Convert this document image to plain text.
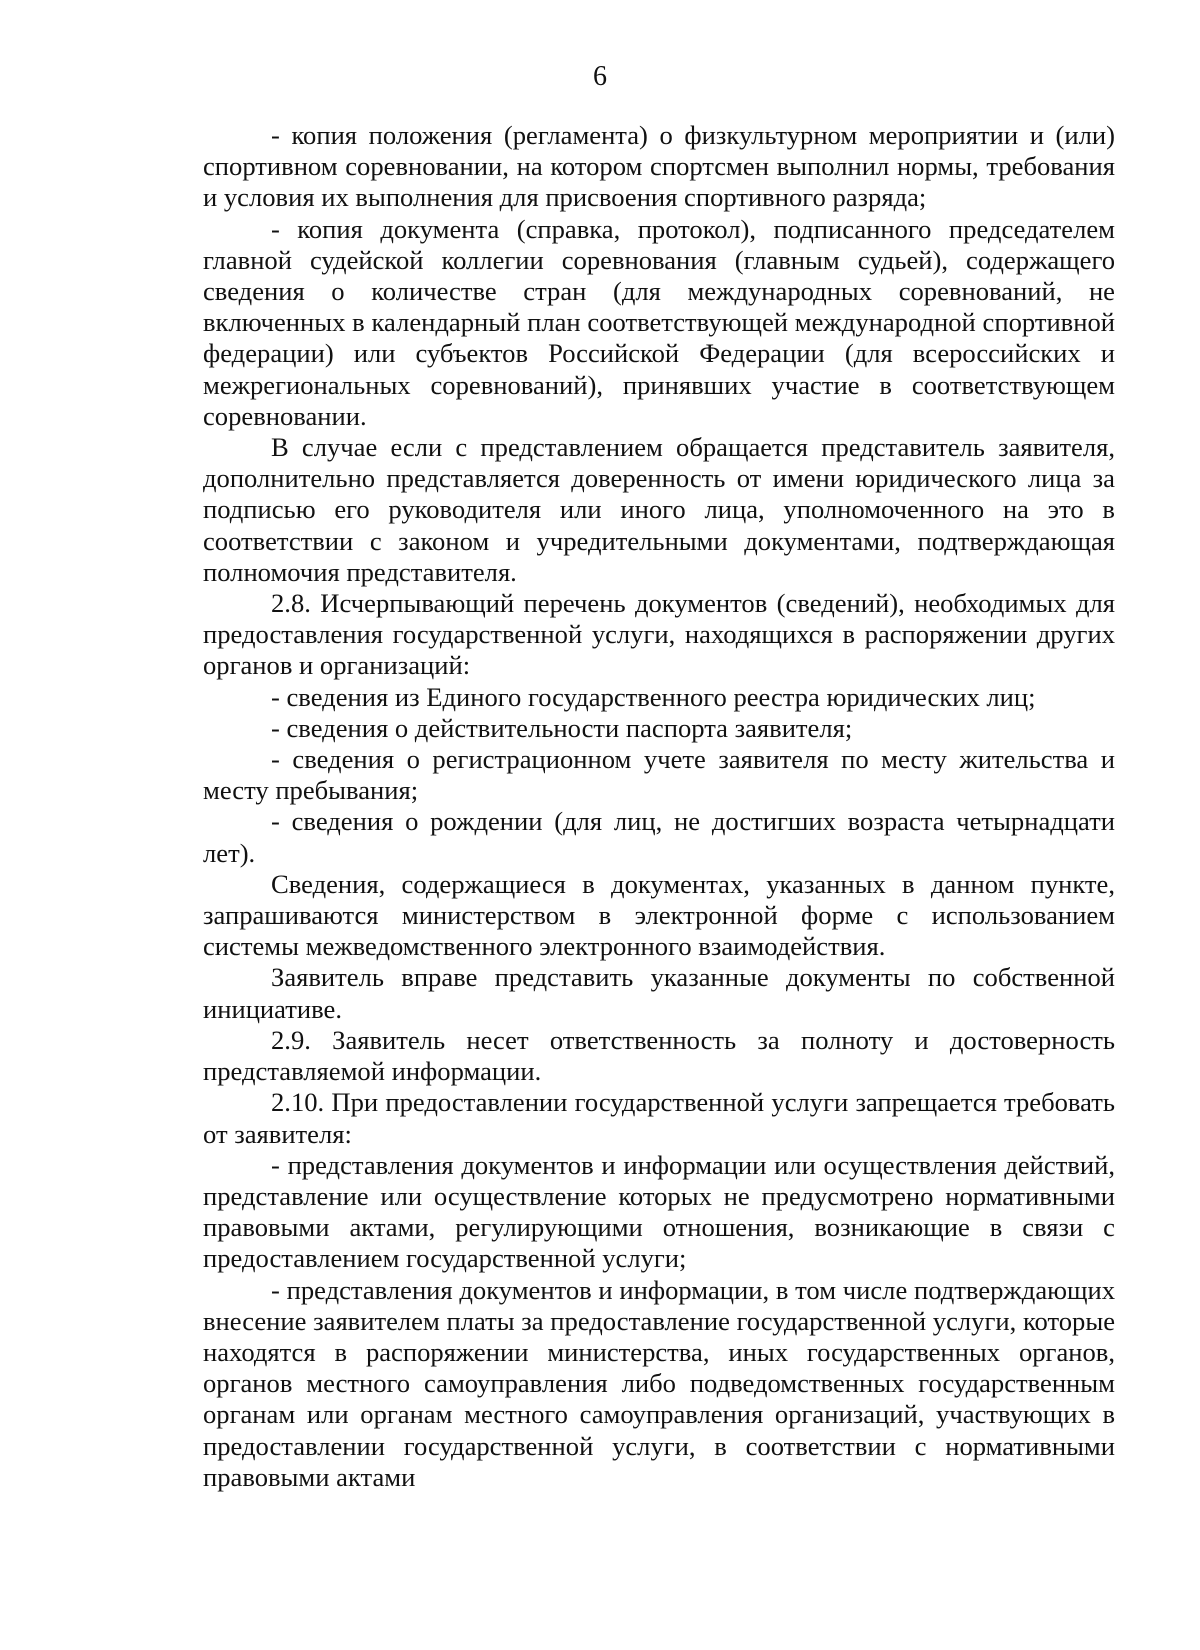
6

- копия положения (регламента) о физкультурном мероприятии и (или) спортивном соревновании, на котором спортсмен выполнил нормы, требования и условия их выполнения для присвоения спортивного разряда;

- копия документа (справка, протокол), подписанного председателем главной судейской коллегии соревнования (главным судьей), содержащего сведения о количестве стран (для международных соревнований, не включенных в календарный план соответствующей международной спортивной федерации) или субъектов Российской Федерации (для всероссийских и межрегиональных соревнований), принявших участие в соответствующем соревновании.

В случае если с представлением обращается представитель заявителя, дополнительно представляется доверенность от имени юридического лица за подписью его руководителя или иного лица, уполномоченного на это в соответствии с законом и учредительными документами, подтверждающая полномочия представителя.

2.8. Исчерпывающий перечень документов (сведений), необходимых для предоставления государственной услуги, находящихся в распоряжении других органов и организаций:

- сведения из Единого государственного реестра юридических лиц;

- сведения о действительности паспорта заявителя;

- сведения о регистрационном учете заявителя по месту жительства и месту пребывания;

- сведения о рождении (для лиц, не достигших возраста четырнадцати лет).

Сведения, содержащиеся в документах, указанных в данном пункте, запрашиваются министерством в электронной форме с использованием системы межведомственного электронного взаимодействия.

Заявитель вправе представить указанные документы по собственной инициативе.

2.9. Заявитель несет ответственность за полноту и достоверность представляемой информации.

2.10. При предоставлении государственной услуги запрещается требовать от заявителя:

- представления документов и информации или осуществления действий, представление или осуществление которых не предусмотрено нормативными правовыми актами, регулирующими отношения, возникающие в связи с предоставлением государственной услуги;

- представления документов и информации, в том числе подтверждающих внесение заявителем платы за предоставление государственной услуги, которые находятся в распоряжении министерства, иных государственных органов, органов местного самоуправления либо подведомственных государственным органам или органам местного самоуправления организаций, участвующих в предоставлении государственной услуги, в соответствии с нормативными правовыми актами
